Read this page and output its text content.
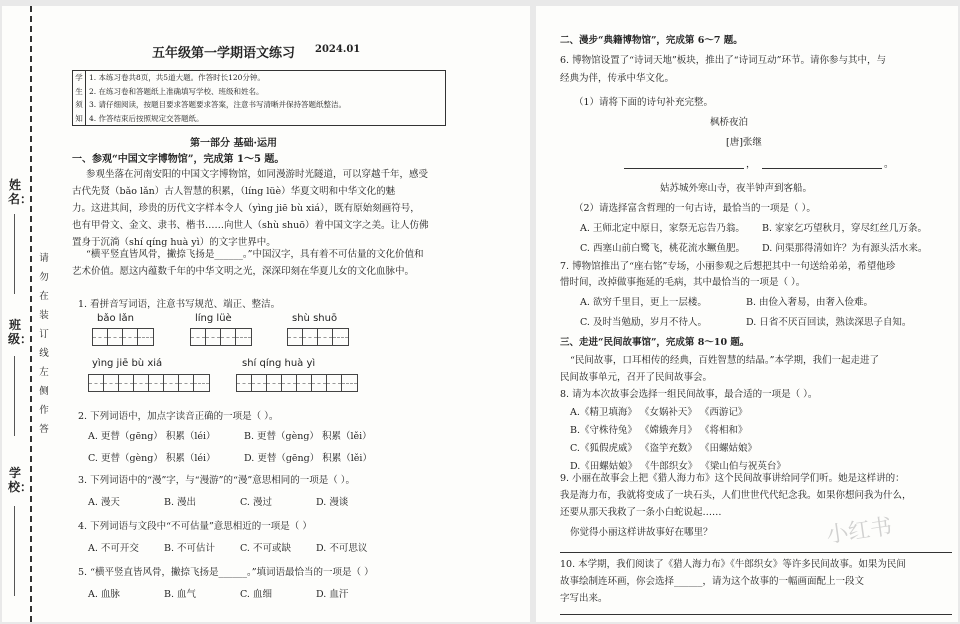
姓名：
班级：
学校：
请
勿
在
装
订
线
左
侧
作
答
五年级第一学期语文练习 2024.01
学
生
须
知
1. 本练习卷共8页，共5道大题。作答时长120分钟。
2. 在练习卷和答题纸上准确填写学校、班级和姓名。
3. 请仔细阅读，按题目要求答题要求答案，注意书写清晰并保持答题纸整洁。
4. 作答结束后按照规定交答题纸。
第一部分 基础·运用
一、参观“中国文字博物馆”，完成第 1～5 题。
参观坐落在河南安阳的中国文字博物馆，如同漫游时光隧道，可以穿越千年，感受
古代先贤（bǎo lǎn）古人智慧的积累，（líng lüè）华夏文明和中华文化的魅
力。这进其间，珍贵的历代文字样本令人（yìng jiē bù xiá），既有原始刻画符号，
也有甲骨文、金文、隶书、楷书……向世人（shù shuō）着中国文字之美。让人仿佛
置身于沉淌（shí qíng huà yì）的文字世界中。
“横平竖直皆风骨，撇捺飞扬是______。”中国汉字，具有着不可估量的文化价值和
艺术价值。愿这内蕴数千年的中华文明之光，深深印刻在华夏儿女的文化血脉中。
1. 看拼音写词语，注意书写规范、端正、整洁。
bǎo lǎn	líng lüè	shù shuō
yìng jiē bù xiá	shí qíng huà yì
2. 下列词语中，加点字读音正确的一项是（ ）。
A. 更替（gēng） 积累（léi）	B. 更替（gèng） 积累（lěi）
C. 更替（gèng） 积累（léi）	D. 更替（gēng） 积累（lěi）
3. 下列词语中的“漫”字，与“漫游”的“漫”意思相同的一项是（ ）。
A. 漫天	B. 漫出	C. 漫过	D. 漫谈
4. 下列词语与文段中“不可估量”意思相近的一项是（ ）
A. 不可开交	B. 不可估计	C. 不可或缺	D. 不可思议
5. “横平竖直皆风骨，撇捺飞扬是______。”填词语最恰当的一项是（ ）
A. 血脉	B. 血气	C. 血细	D. 血汗
二、漫步“典籍博物馆”，完成第 6～7 题。
6. 博物馆设置了“诗词天地”板块，推出了“诗词互动”环节。请你参与其中，与
经典为伴，传承中华文化。
（1）请将下面的诗句补充完整。
枫桥夜泊
[唐]张继
，	。
姑苏城外寒山寺，夜半钟声到客船。
（2）请选择富含哲理的一句古诗，最恰当的一项是（ ）。
A. 王师北定中原日，家祭无忘告乃翁。 B. 家家乞巧望秋月，穿尽红丝几万条。
C. 西塞山前白鹭飞，桃花流水鳜鱼肥。 D. 问渠那得清如许？为有源头活水来。
7. 博物馆推出了“座右铭”专场，小丽参观之后想把其中一句送给弟弟，希望他珍
惜时间，改掉做事拖延的毛病，其中最恰当的一项是（ ）。
A. 欲穷千里目，更上一层楼。	B. 由俭入奢易，由奢入俭难。
C. 及时当勉励，岁月不待人。	D. 日省不厌百回读，熟读深思子自知。
三、走进“民间故事馆”，完成第 8～10 题。
“民间故事，口耳相传的经典，百姓智慧的结晶。”本学期，我们一起走进了
民间故事单元，召开了民间故事会。
8. 请为本次故事会选择一组民间故事，最合适的一项是（ ）。
A.《精卫填海》 《女娲补天》 《西游记》
B.《守株待兔》 《嫦娥奔月》 《将相和》
C.《狐假虎威》 《盗竽充数》 《田螺姑娘》
D.《田螺姑娘》 《牛郎织女》 《梁山伯与祝英台》
9. 小丽在故事会上把《猎人海力布》这个民间故事讲给同学们听。她是这样讲的：
我是海力布，我就将变成了一块石头，人们世世代代纪念我。如果你想问我为什么，
还要从那天我救了一条小白蛇说起……
你觉得小丽这样讲故事好在哪里？
10. 本学期，我们阅读了《猎人海力布》《牛郎织女》等许多民间故事。如果为民间
故事绘制连环画，你会选择______，请为这个故事的一幅画面配上一段文
字写出来。
小红书
